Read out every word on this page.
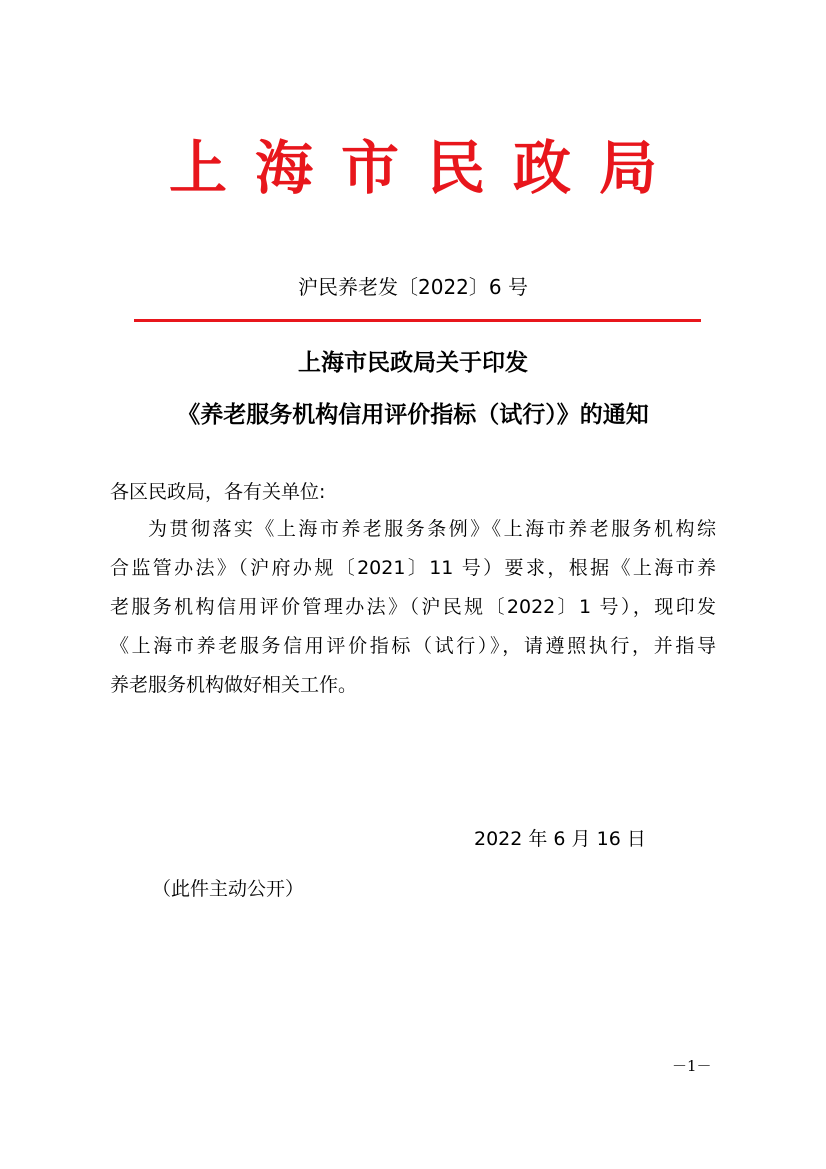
上海市民政局
沪民养老发〔2022〕6 号
上海市民政局关于印发
《养老服务机构信用评价指标（试行）》的通知
各区民政局，各有关单位:
为贯彻落实《上海市养老服务条例》《上海市养老服务机构综
合监管办法》（沪府办规〔2021〕11 号）要求，根据《上海市养
老服务机构信用评价管理办法》（沪民规〔2022〕1 号），现印发
《上海市养老服务信用评价指标（试行）》，请遵照执行，并指导
养老服务机构做好相关工作。
2022 年 6 月 16 日
（此件主动公开）
－1－
